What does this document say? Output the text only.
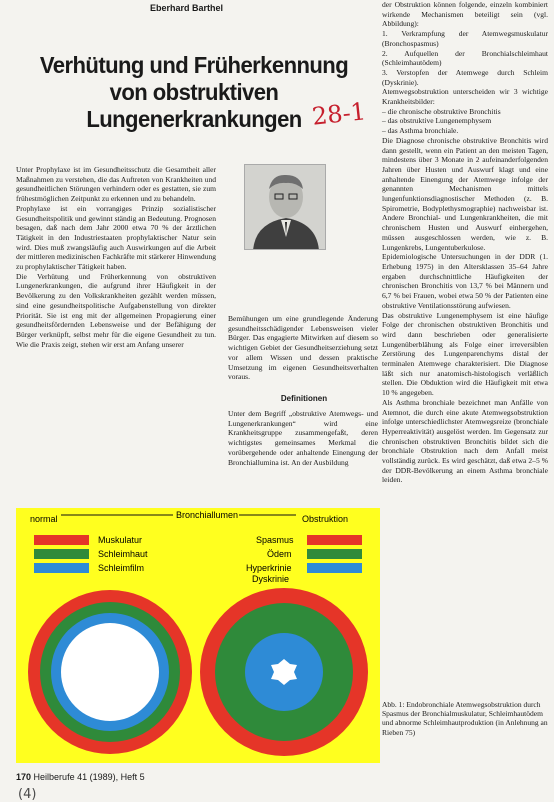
Eberhard Barthel
Verhütung und Früherkennung
von obstruktiven
Lungenerkrankungen 28-1

Unter Prophylaxe ist im Gesundheitsschutz die Gesamtheit aller Maßnahmen zu verstehen, die das Auftreten von Krankheiten und gesundheitlichen Störungen verhindern oder es gestatten, sie zum frühestmöglichen Zeitpunkt zu erkennen und zu behandeln.

Prophylaxe ist ein vorrangiges Prinzip sozialistischer Gesundheitspolitik und gewinnt ständig an Bedeutung. Prognosen besagen, daß nach dem Jahr 2000 etwa 70 % der ärztlichen Tätigkeit in den Industriestaaten prophylaktischer Natur sein wird. Dies muß zwangsläufig auch Auswirkungen auf die Arbeit der mittleren medizinischen Fachkräfte mit stärkerer Hinwendung zu prophylaktischer Tätigkeit haben.

Die Verhütung und Früherkennung von obstruktiven Lungenerkrankungen, die aufgrund ihrer Häufigkeit in der Bevölkerung zu den Volkskrankheiten gezählt werden müssen, sind eine gesundheitspolitische Aufgabenstellung von direkter Priorität. Sie ist eng mit der allgemeinen Propagierung einer gesundheitsfördernden Lebensweise und der Befähigung der Bürger verknüpft, selbst mehr für die eigene Gesundheit zu tun. Wie die Praxis zeigt, stehen wir erst am Anfang unserer

Bemühungen um eine grundlegende Änderung gesundheitsschädigender Lebensweisen vieler Bürger. Das engagierte Mitwirken auf diesem so wichtigen Gebiet der Gesundheitserziehung setzt vor allem Wissen und dessen praktische Umsetzung im eigenen Gesundheitsverhalten voraus.

Definitionen

Unter dem Begriff „obstruktive Atemwegs- und Lungenerkrankungen“ wird eine Krankheitsgruppe zusammengefaßt, deren wichtigstes gemeinsames Merkmal die vorübergehende oder anhaltende Einengung der Bronchiallumina ist. An der Ausbildung

der Obstruktion können folgende, einzeln kombiniert wirkende Mechanismen beteiligt sein (vgl. Abbildung):

1. Verkrampfung der Atemwegsmuskulatur (Bronchospasmus)

2. Aufquellen der Bronchialschleimhaut (Schleimhautödem)

3. Verstopfen der Atemwege durch Schleim (Dyskrinie).

Atemwegsobstruktion unterscheiden wir 3 wichtige Krankheitsbilder:

– die chronische obstruktive Bronchitis

– das obstruktive Lungenemphysem

– das Asthma bronchiale.

Die Diagnose chronische obstruktive Bronchitis wird dann gestellt, wenn ein Patient an den meisten Tagen, mindestens über 3 Monate in 2 aufeinanderfolgenden Jahren über Husten und Auswurf klagt und eine anhaltende Einengung der Atemwege infolge der genannten Mechanismen mittels lungenfunktionsdiagnostischer Methoden (z. B. Spirometrie, Bodyplethysmographie) nachweisbar ist. Andere Bronchial- und Lungenkrankheiten, die mit chronischem Husten und Auswurf einhergehen, müssen ausgeschlossen werden, wie z. B. Lungenkrebs, Lungentuberkulose.

Epidemiologische Untersuchungen in der DDR (1. Erhebung 1975) in den Altersklassen 35–64 Jahre ergaben durchschnittliche Häufigkeiten der chronischen Bronchitis von 13,7 % bei Männern und 6,7 % bei Frauen, wobei etwa 50 % der Patienten eine obstruktive Ventilationsstörung aufwiesen.

Das obstruktive Lungenemphysem ist eine häufige Folge der chronischen obstruktiven Bronchitis und wird dann beschrieben oder generalisierte Lungenüberblähung als Folge einer irreversiblen Zerstörung des Lungenparenchyms distal der terminalen Atemwege charakterisiert. Die Diagnose läßt sich nur anatomisch-histologisch verläßlich stellen. Die Obduktion wird die Häufigkeit mit etwa 10 % angegeben.

Als Asthma bronchiale bezeichnet man Anfälle von Atemnot, die durch eine akute Atemwegsobstruktion infolge unterschiedlichster Atemwegsreize (bronchiale Hyperreaktivität) ausgelöst werden. Im Gegensatz zur chronischen obstruktiven Bronchitis bildet sich die bronchiale Obstruktion nach dem Anfall meist vollständig zurück. Es wird geschätzt, daß etwa 2–5 % der DDR-Bevölkerung an einem Asthma bronchiale leiden.

normal	Bronchiallumen	Obstruktion
Muskulatur
Schleimhaut
Schleimfilm
Spasmus
Ödem
Hyperkrinie
Dyskrinie
Abb. 1: Endobronchiale Atemwegsobstruktion durch Spasmus der Bronchialmuskulatur, Schleimhautödem und abnorme Schleimhautproduktion (in Anlehnung an Rieben 75)
170 Heilberufe 41 (1989), Heft 5
(4)
